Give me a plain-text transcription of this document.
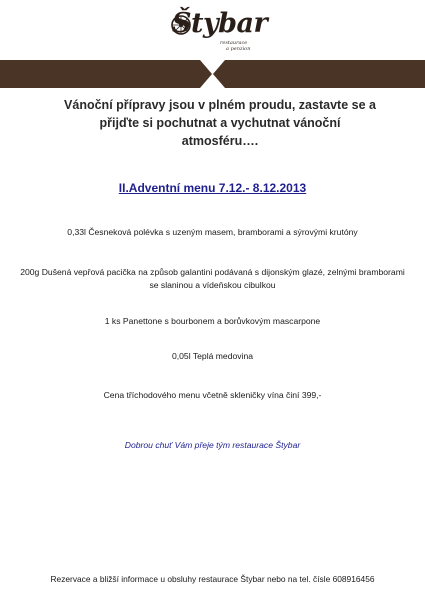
Štybar
restaurace
a penzion
Vánoční přípravy jsou v plném proudu, zastavte se a přijďte si pochutnat a vychutnat vánoční atmosféru….
II.Adventní menu 7.12.- 8.12.2013
0,33l Česneková polévka s uzeným masem, bramborami a sýrovými krutóny
200g Dušená vepřová pacička na způsob galantini podávaná s dijonským glazé, zelnými bramborami se slaninou a vídeňskou cibulkou
1 ks Panettone s bourbonem a borůvkovým mascarpone
0,05l Teplá medovina
Cena tříchodového menu včetně skleničky vína činí 399,-
Dobrou chuť Vám přeje tým restaurace Štybar
Rezervace a bližší informace u obsluhy restaurace Štybar nebo na tel. čísle 608916456
